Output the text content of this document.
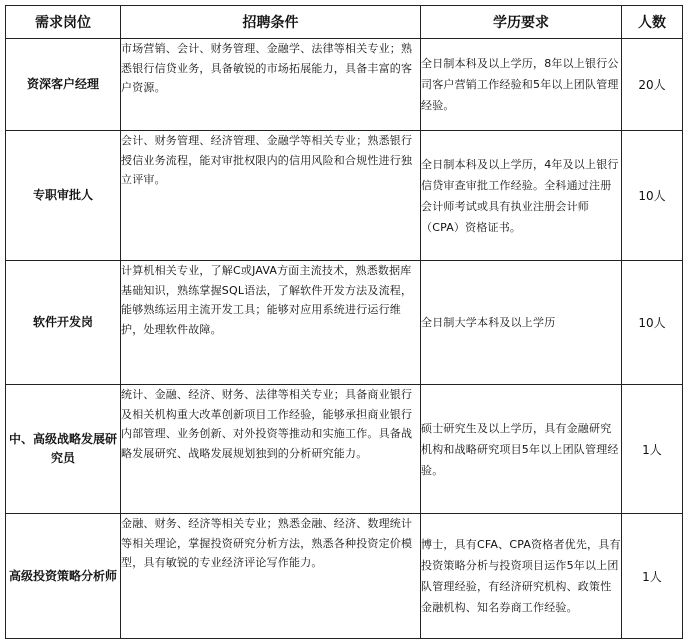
需求岗位	招聘条件	学历要求	人数
资深客户经理	市场营销、会计、财务管理、金融学、法律等相关专业；熟悉银行信贷业务，具备敏锐的市场拓展能力，具备丰富的客户资源。	全日制本科及以上学历，8年以上银行公司客户营销工作经验和5年以上团队管理经验。	20人
专职审批人	会计、财务管理、经济管理、金融学等相关专业；熟悉银行授信业务流程，能对审批权限内的信用风险和合规性进行独立评审。	全日制本科及以上学历，4年及以上银行信贷审查审批工作经验。全科通过注册会计师考试或具有执业注册会计师（CPA）资格证书。	10人
软件开发岗	计算机相关专业，了解C或JAVA方面主流技术，熟悉数据库基础知识，熟练掌握SQL语法，了解软件开发方法及流程，能够熟练运用主流开发工具；能够对应用系统进行运行维护，处理软件故障。	全日制大学本科及以上学历	10人
中、高级战略发展研究员	统计、金融、经济、财务、法律等相关专业；具备商业银行及相关机构重大改革创新项目工作经验，能够承担商业银行内部管理、业务创新、对外投资等推动和实施工作。具备战略发展研究、战略发展规划独到的分析研究能力。	硕士研究生及以上学历，具有金融研究机构和战略研究项目5年以上团队管理经验。	1人
高级投资策略分析师	金融、财务、经济等相关专业；熟悉金融、经济、数理统计等相关理论，掌握投资研究分析方法，熟悉各种投资定价模型，具有敏锐的专业经济评论写作能力。	博士，具有CFA、CPA资格者优先，具有投资策略分析与投资项目运作5年以上团队管理经验，有经济研究机构、政策性金融机构、知名券商工作经验。	1人
